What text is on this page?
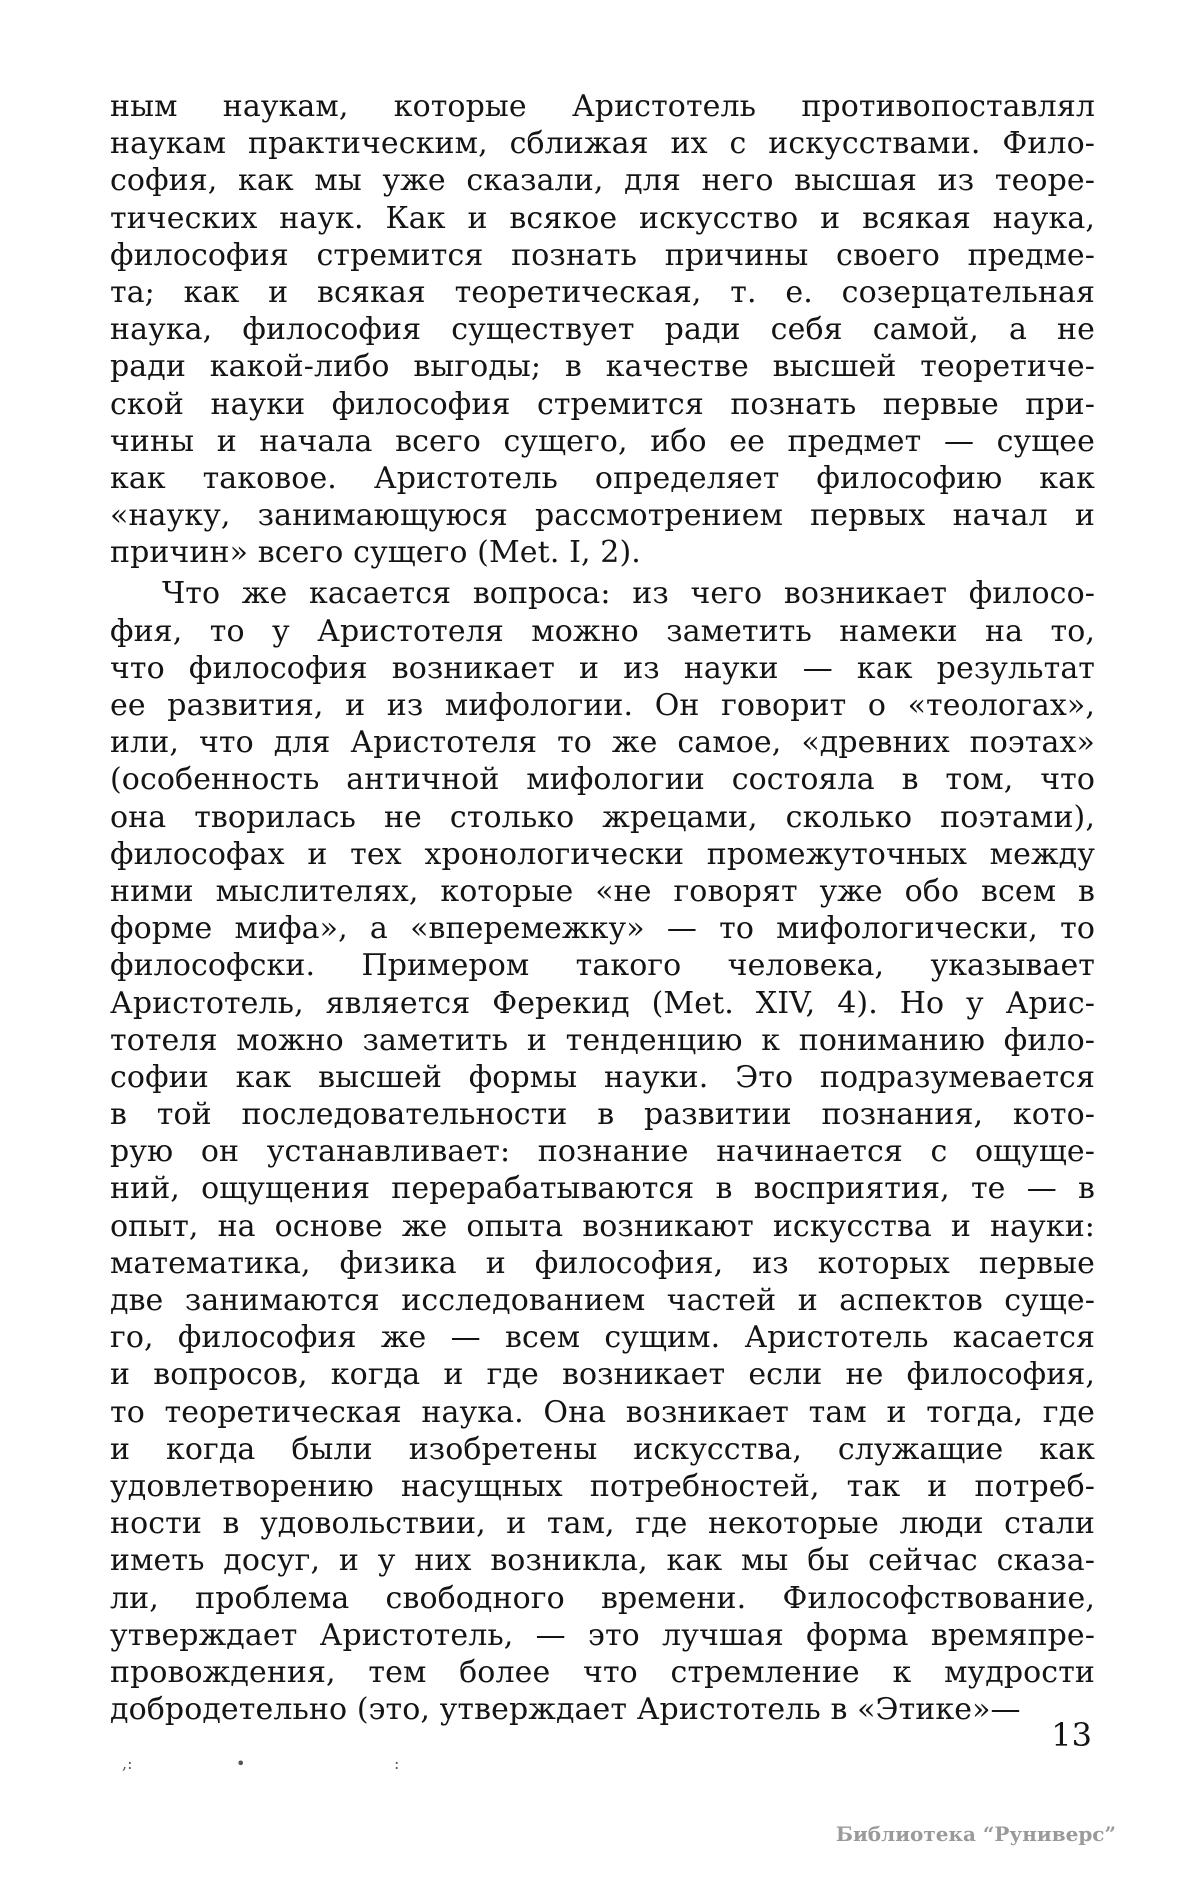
ным наукам, которые Аристотель противопоставлял
наукам практическим, сближая их с искусствами. Фило-
софия, как мы уже сказали, для него высшая из теоре-
тических наук. Как и всякое искусство и всякая наука,
философия стремится познать причины своего предме-
та; как и всякая теоретическая, т. е. созерцательная
наука, философия существует ради себя самой, а не
ради какой-либо выгоды; в качестве высшей теоретиче-
ской науки философия стремится познать первые при-
чины и начала всего сущего, ибо ее предмет — сущее
как таковое. Аристотель определяет философию как
«науку, занимающуюся рассмотрением первых начал и
причин» всего сущего (Met. I, 2).
Что же касается вопроса: из чего возникает филосо-
фия, то у Аристотеля можно заметить намеки на то,
что философия возникает и из науки — как результат
ее развития, и из мифологии. Он говорит о «теологах»,
или, что для Аристотеля то же самое, «древних поэтах»
(особенность античной мифологии состояла в том, что
она творилась не столько жрецами, сколько поэтами),
философах и тех хронологически промежуточных между
ними мыслителях, которые «не говорят уже обо всем в
форме мифа», а «вперемежку» — то мифологически, то
философски. Примером такого человека, указывает
Аристотель, является Ферекид (Met. XIV, 4). Но у Арис-
тотеля можно заметить и тенденцию к пониманию фило-
софии как высшей формы науки. Это подразумевается
в той последовательности в развитии познания, кото-
рую он устанавливает: познание начинается с ощуще-
ний, ощущения перерабатываются в восприятия, те — в
опыт, на основе же опыта возникают искусства и науки:
математика, физика и философия, из которых первые
две занимаются исследованием частей и аспектов суще-
го, философия же — всем сущим. Аристотель касается
и вопросов, когда и где возникает если не философия,
то теоретическая наука. Она возникает там и тогда, где
и когда были изобретены искусства, служащие как
удовлетворению насущных потребностей, так и потреб-
ности в удовольствии, и там, где некоторые люди стали
иметь досуг, и у них возникла, как мы бы сейчас сказа-
ли, проблема свободного времени. Философствование,
утверждает Аристотель, — это лучшая форма времяпре-
провождения, тем более что стремление к мудрости
добродетельно (это, утверждает Аристотель в «Этике»—
,:	•	:
13
Библиотека “Руниверс”
